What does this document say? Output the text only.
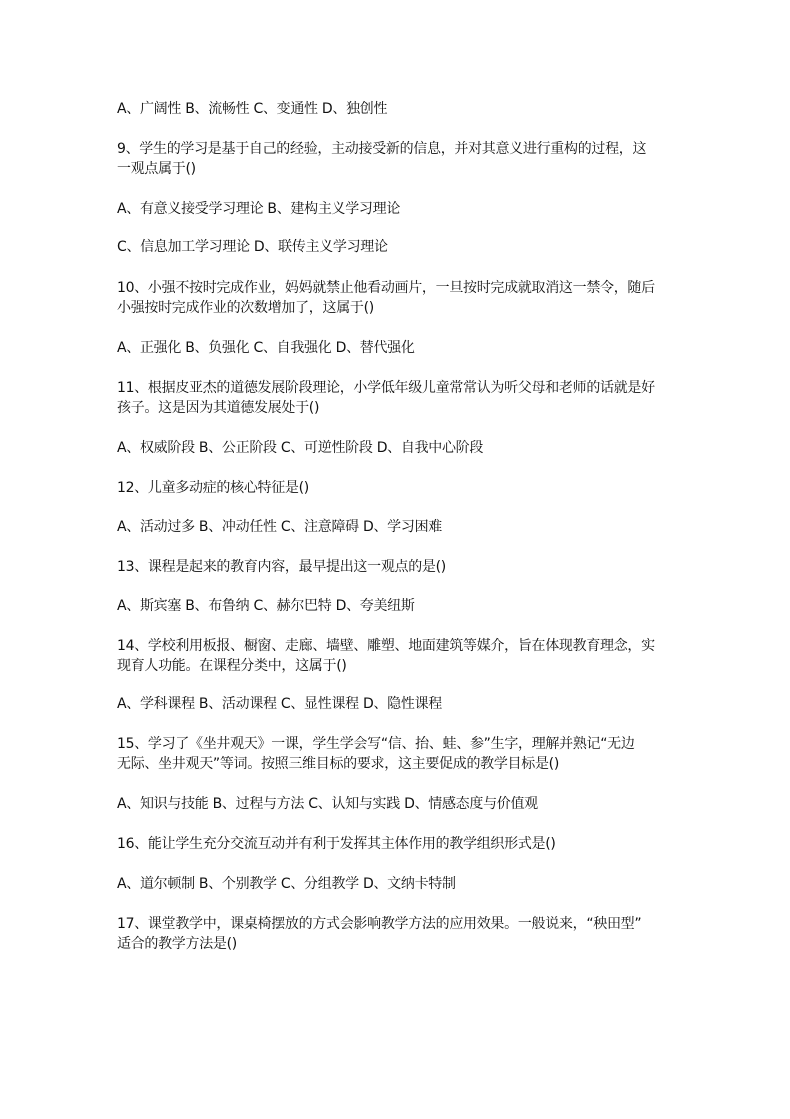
A、广阔性 B、流畅性 C、变通性 D、独创性
9、学生的学习是基于自己的经验，主动接受新的信息，并对其意义进行重构的过程，这
一观点属于()
A、有意义接受学习理论 B、建构主义学习理论
C、信息加工学习理论 D、联传主义学习理论
10、小强不按时完成作业，妈妈就禁止他看动画片，一旦按时完成就取消这一禁令，随后
小强按时完成作业的次数增加了，这属于()
A、正强化 B、负强化 C、自我强化 D、替代强化
11、根据皮亚杰的道德发展阶段理论，小学低年级儿童常常认为听父母和老师的话就是好
孩子。这是因为其道德发展处于()
A、权威阶段 B、公正阶段 C、可逆性阶段 D、自我中心阶段
12、儿童多动症的核心特征是()
A、活动过多 B、冲动任性 C、注意障碍 D、学习困难
13、课程是起来的教育内容，最早提出这一观点的是()
A、斯宾塞 B、布鲁纳 C、赫尔巴特 D、夸美纽斯
14、学校利用板报、橱窗、走廊、墙壁、雕塑、地面建筑等媒介，旨在体现教育理念，实
现育人功能。在课程分类中，这属于()
A、学科课程 B、活动课程 C、显性课程 D、隐性课程
15、学习了《坐井观天》一课，学生学会写“信、抬、蛙、参”生字，理解并熟记“无边
无际、坐井观天”等词。按照三维目标的要求，这主要促成的教学目标是()
A、知识与技能 B、过程与方法 C、认知与实践 D、情感态度与价值观
16、能让学生充分交流互动并有利于发挥其主体作用的教学组织形式是()
A、道尔顿制 B、个别教学 C、分组教学 D、文纳卡特制
17、课堂教学中，课桌椅摆放的方式会影响教学方法的应用效果。一般说来，“秧田型”
适合的教学方法是()
